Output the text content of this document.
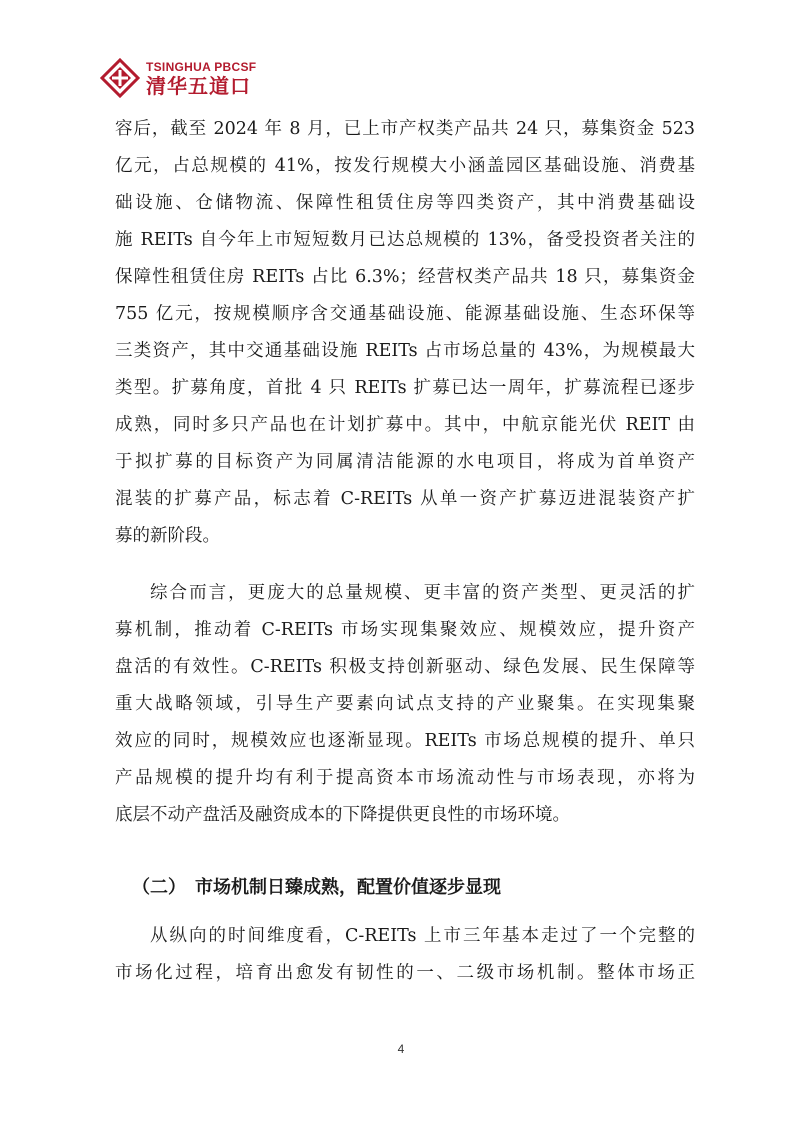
TSINGHUA PBCSF
清华五道口
容后，截至 2024 年 8 月，已上市产权类产品共 24 只，募集资金 523
亿元，占总规模的 41%，按发行规模大小涵盖园区基础设施、消费基
础设施、仓储物流、保障性租赁住房等四类资产，其中消费基础设
施 REITs 自今年上市短短数月已达总规模的 13%，备受投资者关注的
保障性租赁住房 REITs 占比 6.3%；经营权类产品共 18 只，募集资金
755 亿元，按规模顺序含交通基础设施、能源基础设施、生态环保等
三类资产，其中交通基础设施 REITs 占市场总量的 43%，为规模最大
类型。扩募角度，首批 4 只 REITs 扩募已达一周年，扩募流程已逐步
成熟，同时多只产品也在计划扩募中。其中，中航京能光伏 REIT 由
于拟扩募的目标资产为同属清洁能源的水电项目，将成为首单资产
混装的扩募产品，标志着 C-REITs 从单一资产扩募迈进混装资产扩
募的新阶段。
综合而言，更庞大的总量规模、更丰富的资产类型、更灵活的扩
募机制，推动着 C-REITs 市场实现集聚效应、规模效应，提升资产
盘活的有效性。C-REITs 积极支持创新驱动、绿色发展、民生保障等
重大战略领域，引导生产要素向试点支持的产业聚集。在实现集聚
效应的同时，规模效应也逐渐显现。REITs 市场总规模的提升、单只
产品规模的提升均有利于提高资本市场流动性与市场表现，亦将为
底层不动产盘活及融资成本的下降提供更良性的市场环境。
（二）　市场机制日臻成熟，配置价值逐步显现
从纵向的时间维度看，C-REITs 上市三年基本走过了一个完整的
市场化过程，培育出愈发有韧性的一、二级市场机制。整体市场正
4
